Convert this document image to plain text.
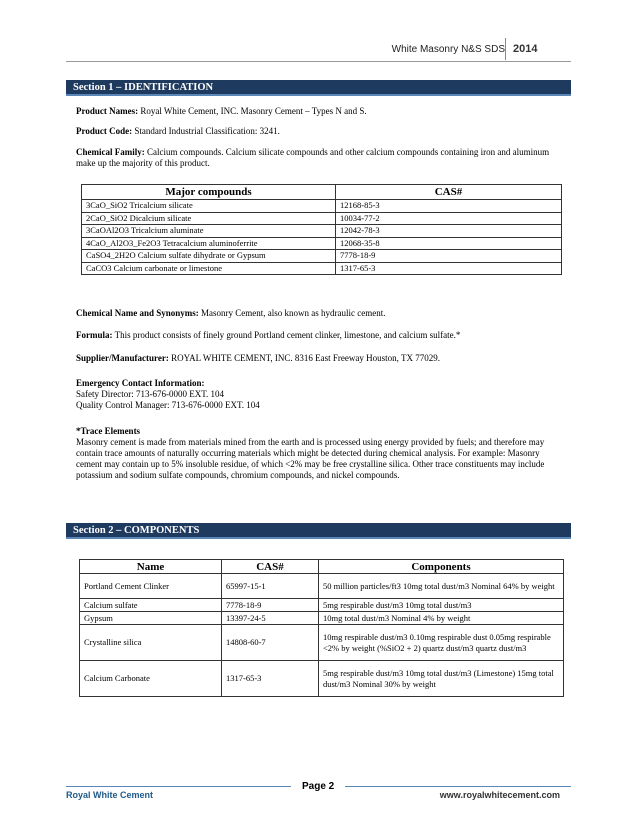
White Masonry N&S SDS 2014
Section 1 – IDENTIFICATION
Product Names: Royal White Cement, INC. Masonry Cement – Types N and S.
Product Code: Standard Industrial Classification: 3241.
Chemical Family: Calcium compounds. Calcium silicate compounds and other calcium compounds containing iron and aluminum make up the majority of this product.
Major compounds	CAS#
3CaO_SiO2 Tricalcium silicate	12168-85-3
2CaO_SiO2 Dicalcium silicate	10034-77-2
3CaOAl2O3 Tricalcium aluminate	12042-78-3
4CaO_Al2O3_Fe2O3 Tetracalcium aluminoferrite	12068-35-8
CaSO4_2H2O Calcium sulfate dihydrate or Gypsum	7778-18-9
CaCO3 Calcium carbonate or limestone	1317-65-3
Chemical Name and Synonyms: Masonry Cement, also known as hydraulic cement.
Formula: This product consists of finely ground Portland cement clinker, limestone, and calcium sulfate.*
Supplier/Manufacturer: ROYAL WHITE CEMENT, INC. 8316 East Freeway Houston, TX 77029.
Emergency Contact Information:
Safety Director: 713-676-0000 EXT. 104
Quality Control Manager: 713-676-0000 EXT. 104
*Trace Elements
Masonry cement is made from materials mined from the earth and is processed using energy provided by fuels; and therefore may contain trace amounts of naturally occurring materials which might be detected during chemical analysis. For example: Masonry cement may contain up to 5% insoluble residue, of which <2% may be free crystalline silica. Other trace constituents may include potassium and sodium sulfate compounds, chromium compounds, and nickel compounds.
Section 2 – COMPONENTS
Name	CAS#	Components
Portland Cement Clinker	65997-15-1	50 million particles/ft3 10mg total dust/m3 Nominal 64% by weight
Calcium sulfate	7778-18-9	5mg respirable dust/m3 10mg total dust/m3
Gypsum	13397-24-5	10mg total dust/m3 Nominal 4% by weight
Crystalline silica	14808-60-7	10mg respirable dust/m3 0.10mg respirable dust 0.05mg respirable <2% by weight (%SiO2 + 2) quartz dust/m3 quartz dust/m3
Calcium Carbonate	1317-65-3	5mg respirable dust/m3 10mg total dust/m3 (Limestone) 15mg total dust/m3 Nominal 30% by weight
Page 2
Royal White Cement	www.royalwhitecement.com
